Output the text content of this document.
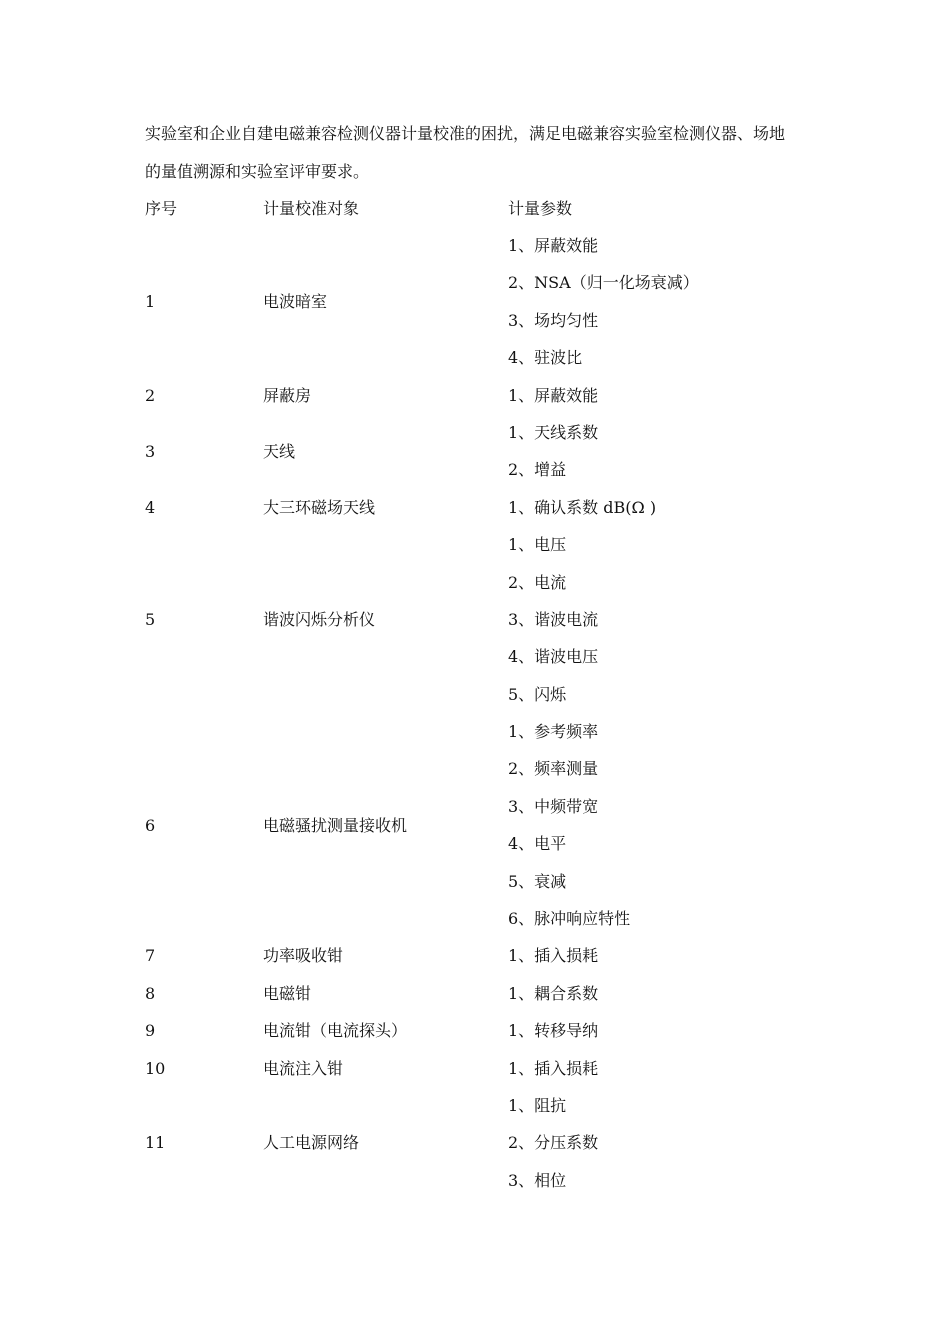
实验室和企业自建电磁兼容检测仪器计量校准的困扰，满足电磁兼容实验室检测仪器、场地
的量值溯源和实验室评审要求。
序号	计量校准对象	计量参数
1	电波暗室
1、屏蔽效能
2、NSA（归一化场衰减）
3、场均匀性
4、驻波比
2	屏蔽房	1、屏蔽效能
3	天线
1、天线系数
2、增益
4	大三环磁场天线	1、确认系数 dB(Ω )
5	谐波闪烁分析仪
1、电压
2、电流
3、谐波电流
4、谐波电压
5、闪烁
6	电磁骚扰测量接收机
1、参考频率
2、频率测量
3、中频带宽
4、电平
5、衰减
6、脉冲响应特性
7	功率吸收钳	1、插入损耗
8	电磁钳	1、耦合系数
9	电流钳（电流探头）	1、转移导纳
10	电流注入钳	1、插入损耗
11	人工电源网络
1、阻抗
2、分压系数
3、相位
